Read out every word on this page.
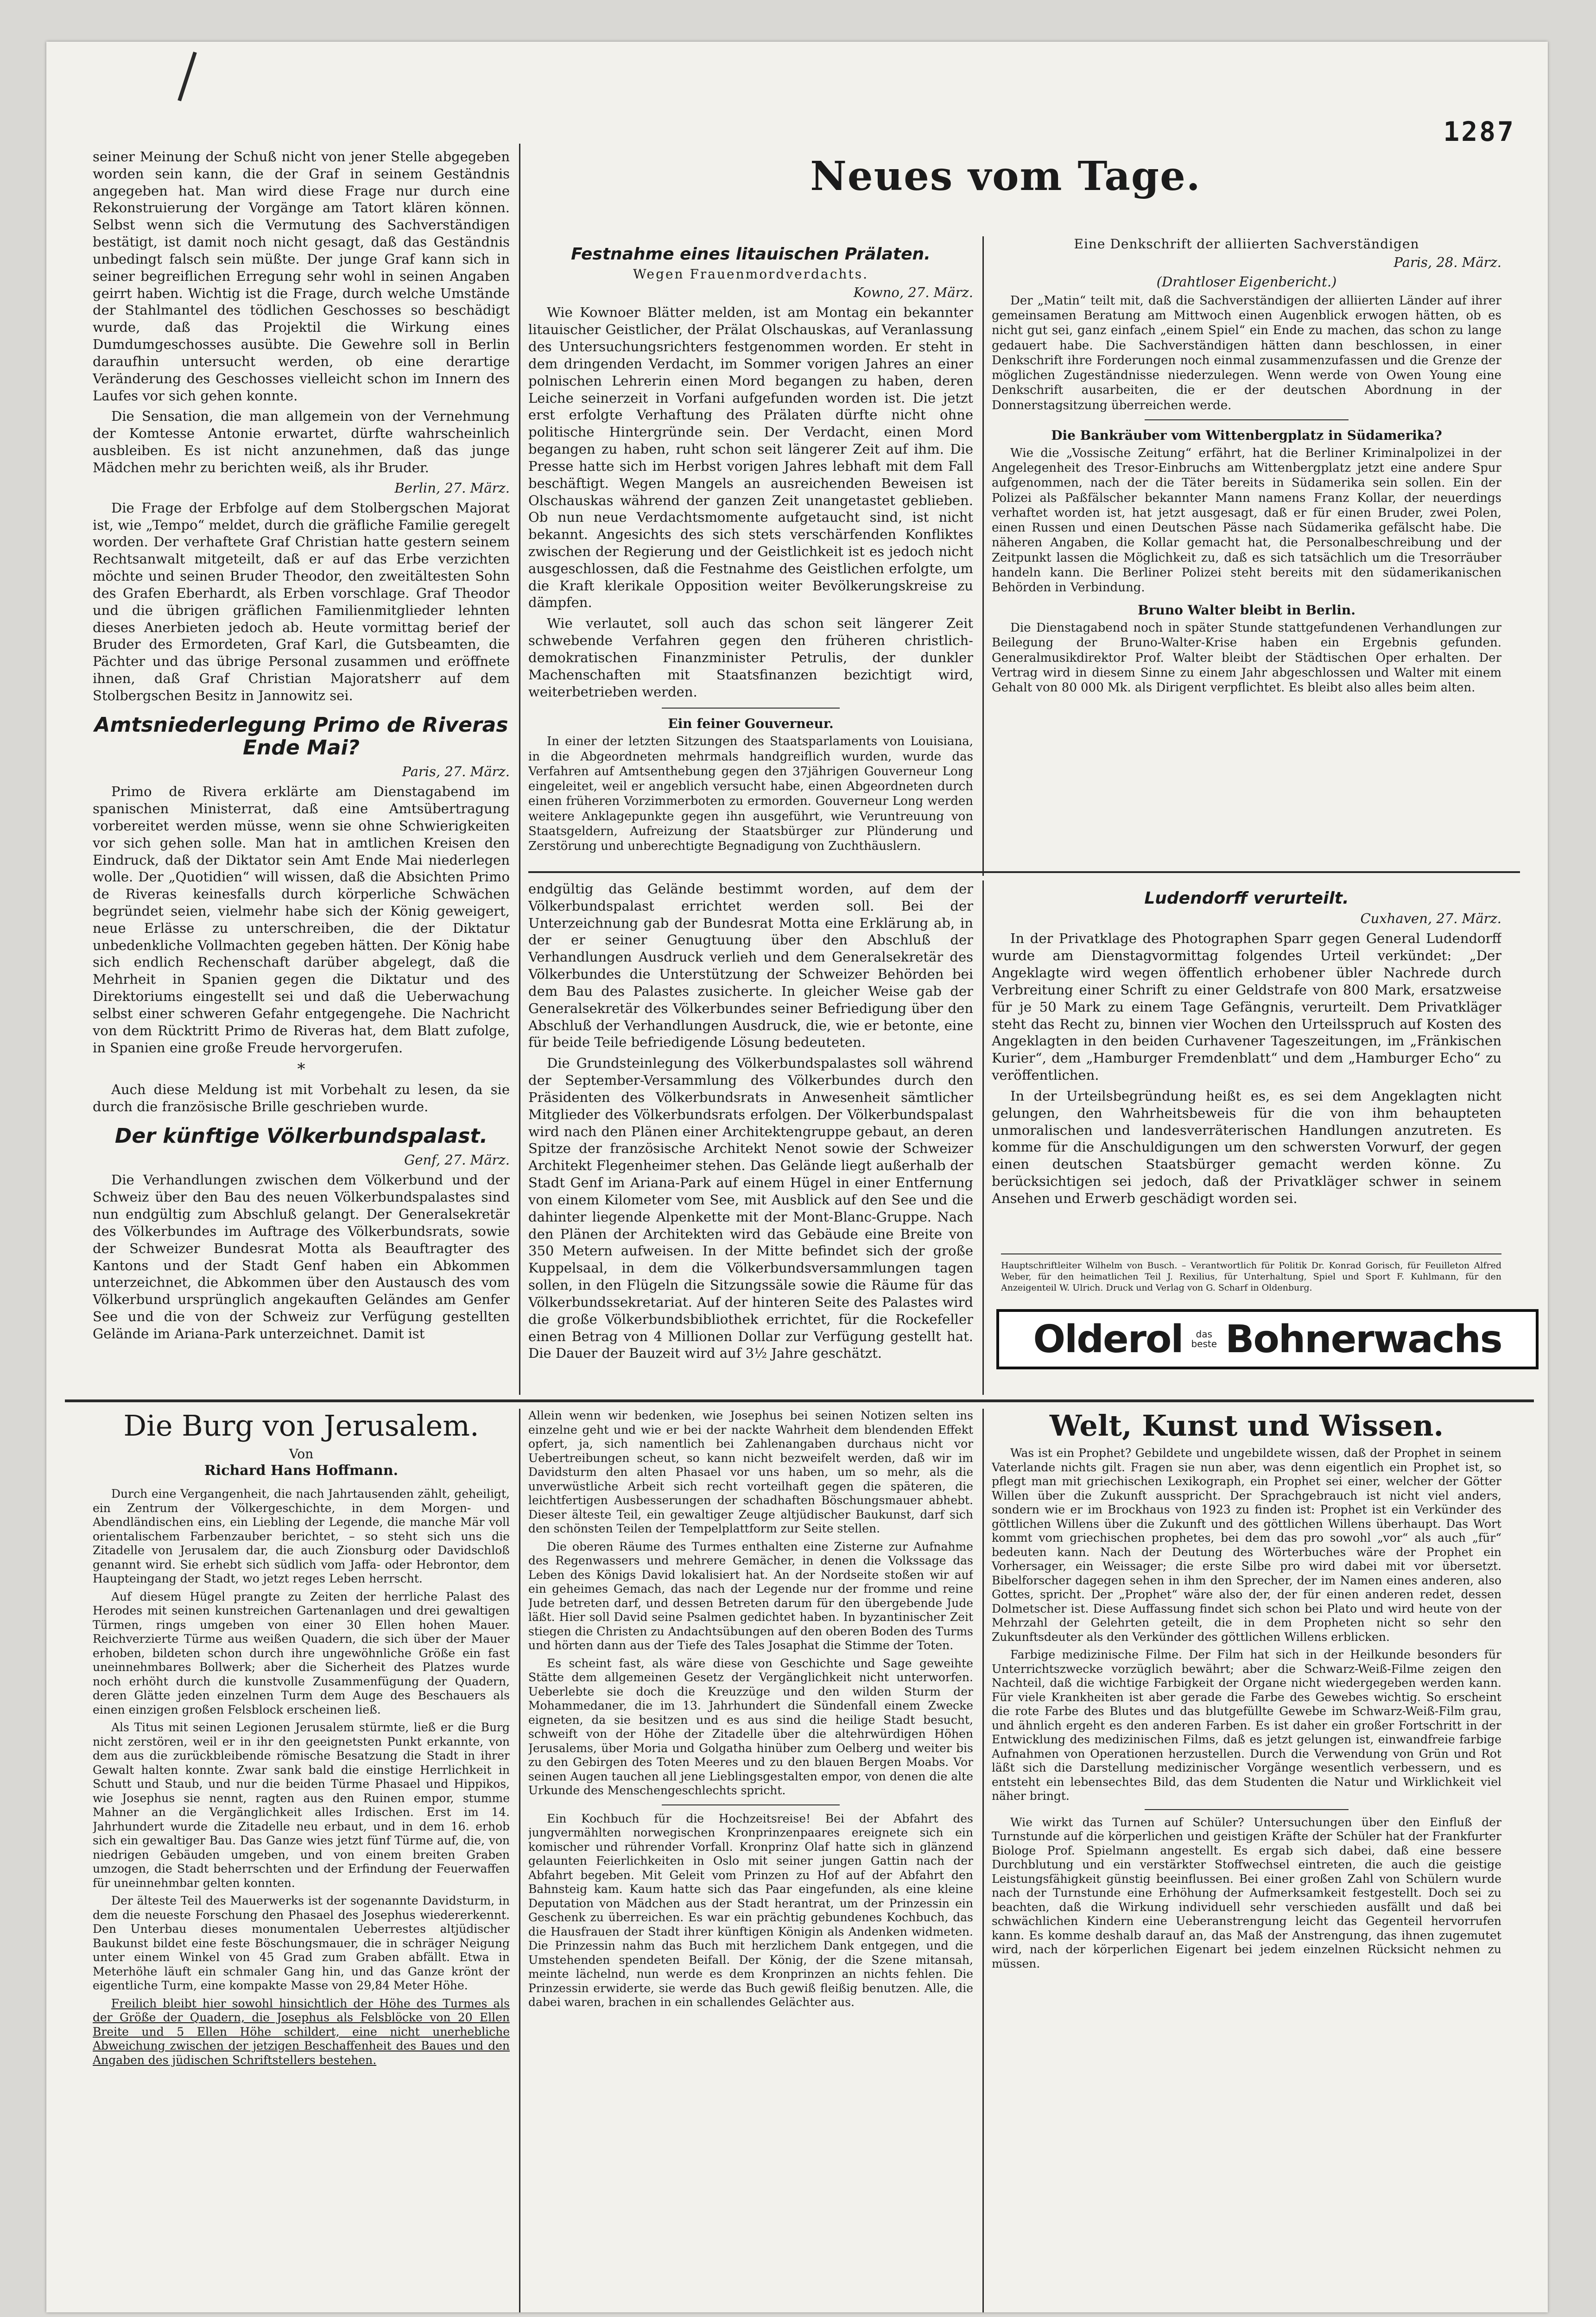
1287

seiner Meinung der Schuß nicht von jener Stelle abgegeben worden sein kann, die der Graf in seinem Geständnis angegeben hat. Man wird diese Frage nur durch eine Rekonstruierung der Vorgänge am Tatort klären können. Selbst wenn sich die Vermutung des Sachverständigen bestätigt, ist damit noch nicht gesagt, daß das Geständnis unbedingt falsch sein müßte. Der junge Graf kann sich in seiner begreiflichen Erregung sehr wohl in seinen Angaben geirrt haben. Wichtig ist die Frage, durch welche Umstände der Stahlmantel des tödlichen Geschosses so beschädigt wurde, daß das Projektil die Wirkung eines Dumdumgeschosses ausübte. Die Gewehre soll in Berlin daraufhin untersucht werden, ob eine derartige Veränderung des Geschosses vielleicht schon im Innern des Laufes vor sich gehen konnte.

Die Sensation, die man allgemein von der Vernehmung der Komtesse Antonie erwartet, dürfte wahrscheinlich ausbleiben. Es ist nicht anzunehmen, daß das junge Mädchen mehr zu berichten weiß, als ihr Bruder.

Berlin, 27. März.

Die Frage der Erbfolge auf dem Stolbergschen Majorat ist, wie „Tempo“ meldet, durch die gräfliche Familie geregelt worden. Der verhaftete Graf Christian hatte gestern seinem Rechtsanwalt mitgeteilt, daß er auf das Erbe verzichten möchte und seinen Bruder Theodor, den zweitältesten Sohn des Grafen Eberhardt, als Erben vorschlage. Graf Theodor und die übrigen gräflichen Familienmitglieder lehnten dieses Anerbieten jedoch ab. Heute vormittag berief der Bruder des Ermordeten, Graf Karl, die Gutsbeamten, die Pächter und das übrige Personal zusammen und eröffnete ihnen, daß Graf Christian Majoratsherr auf dem Stolbergschen Besitz in Jannowitz sei.

Amtsniederlegung Primo de Riveras Ende Mai?
Paris, 27. März.

Primo de Rivera erklärte am Dienstagabend im spanischen Ministerrat, daß eine Amtsübertragung vorbereitet werden müsse, wenn sie ohne Schwierigkeiten vor sich gehen solle. Man hat in amtlichen Kreisen den Eindruck, daß der Diktator sein Amt Ende Mai niederlegen wolle. Der „Quotidien“ will wissen, daß die Absichten Primo de Riveras keinesfalls durch körperliche Schwächen begründet seien, vielmehr habe sich der König geweigert, neue Erlässe zu unterschreiben, die der Diktatur unbedenkliche Vollmachten gegeben hätten. Der König habe sich endlich Rechenschaft darüber abgelegt, daß die Mehrheit in Spanien gegen die Diktatur und des Direktoriums eingestellt sei und daß die Ueberwachung selbst einer schweren Gefahr entgegengehe. Die Nachricht von dem Rücktritt Primo de Riveras hat, dem Blatt zufolge, in Spanien eine große Freude hervorgerufen.

*

Auch diese Meldung ist mit Vorbehalt zu lesen, da sie durch die französische Brille geschrieben wurde.

Der künftige Völkerbundspalast.
Genf, 27. März.

Die Verhandlungen zwischen dem Völkerbund und der Schweiz über den Bau des neuen Völkerbundspalastes sind nun endgültig zum Abschluß gelangt. Der Generalsekretär des Völkerbundes im Auftrage des Völkerbundsrats, sowie der Schweizer Bundesrat Motta als Beauftragter des Kantons und der Stadt Genf haben ein Abkommen unterzeichnet, die Abkommen über den Austausch des vom Völkerbund ursprünglich angekauften Geländes am Genfer See und die von der Schweiz zur Verfügung gestellten Gelände im Ariana-Park unterzeichnet. Damit ist

Festnahme eines litauischen Prälaten.
Wegen Frauenmordverdachts.
Kowno, 27. März.

Wie Kownoer Blätter melden, ist am Montag ein bekannter litauischer Geistlicher, der Prälat Olschauskas, auf Veranlassung des Untersuchungsrichters festgenommen worden. Er steht in dem dringenden Verdacht, im Sommer vorigen Jahres an einer polnischen Lehrerin einen Mord begangen zu haben, deren Leiche seinerzeit in Vorfani aufgefunden worden ist. Die jetzt erst erfolgte Verhaftung des Prälaten dürfte nicht ohne politische Hintergründe sein. Der Verdacht, einen Mord begangen zu haben, ruht schon seit längerer Zeit auf ihm. Die Presse hatte sich im Herbst vorigen Jahres lebhaft mit dem Fall beschäftigt. Wegen Mangels an ausreichenden Beweisen ist Olschauskas während der ganzen Zeit unangetastet geblieben. Ob nun neue Verdachtsmomente aufgetaucht sind, ist nicht bekannt. Angesichts des sich stets verschärfenden Konfliktes zwischen der Regierung und der Geistlichkeit ist es jedoch nicht ausgeschlossen, daß die Festnahme des Geistlichen erfolgte, um die Kraft klerikale Opposition weiter Bevölkerungskreise zu dämpfen.

Wie verlautet, soll auch das schon seit längerer Zeit schwebende Verfahren gegen den früheren christlich-demokratischen Finanzminister Petrulis, der dunkler Machenschaften mit Staatsfinanzen bezichtigt wird, weiterbetrieben werden.

Ein feiner Gouverneur.

In einer der letzten Sitzungen des Staatsparlaments von Louisiana, in die Abgeordneten mehrmals handgreiflich wurden, wurde das Verfahren auf Amtsenthebung gegen den 37jährigen Gouverneur Long eingeleitet, weil er angeblich versucht habe, einen Abgeordneten durch einen früheren Vorzimmerboten zu ermorden. Gouverneur Long werden weitere Anklagepunkte gegen ihn ausgeführt, wie Veruntreuung von Staatsgeldern, Aufreizung der Staatsbürger zur Plünderung und Zerstörung und unberechtigte Begnadigung von Zuchthäuslern.

Neues vom Tage.
Eine Denkschrift der alliierten Sachverständigen
Paris, 28. März.
(Drahtloser Eigenbericht.)

Der „Matin“ teilt mit, daß die Sachverständigen der alliierten Länder auf ihrer gemeinsamen Beratung am Mittwoch einen Augenblick erwogen hätten, ob es nicht gut sei, ganz einfach „einem Spiel“ ein Ende zu machen, das schon zu lange gedauert habe. Die Sachverständigen hätten dann beschlossen, in einer Denkschrift ihre Forderungen noch einmal zusammenzufassen und die Grenze der möglichen Zugeständnisse niederzulegen. Wenn werde von Owen Young eine Denkschrift ausarbeiten, die er der deutschen Abordnung in der Donnerstagsitzung überreichen werde.

Die Bankräuber vom Wittenbergplatz in Südamerika?

Wie die „Vossische Zeitung“ erfährt, hat die Berliner Kriminalpolizei in der Angelegenheit des Tresor-Einbruchs am Wittenbergplatz jetzt eine andere Spur aufgenommen, nach der die Täter bereits in Südamerika sein sollen. Ein der Polizei als Paßfälscher bekannter Mann namens Franz Kollar, der neuerdings verhaftet worden ist, hat jetzt ausgesagt, daß er für einen Bruder, zwei Polen, einen Russen und einen Deutschen Pässe nach Südamerika gefälscht habe. Die näheren Angaben, die Kollar gemacht hat, die Personalbeschreibung und der Zeitpunkt lassen die Möglichkeit zu, daß es sich tatsächlich um die Tresorräuber handeln kann. Die Berliner Polizei steht bereits mit den südamerikanischen Behörden in Verbindung.

Bruno Walter bleibt in Berlin.

Die Dienstagabend noch in später Stunde stattgefundenen Verhandlungen zur Beilegung der Bruno-Walter-Krise haben ein Ergebnis gefunden. Generalmusikdirektor Prof. Walter bleibt der Städtischen Oper erhalten. Der Vertrag wird in diesem Sinne zu einem Jahr abgeschlossen und Walter mit einem Gehalt von 80 000 Mk. als Dirigent verpflichtet. Es bleibt also alles beim alten.

endgültig das Gelände bestimmt worden, auf dem der Völkerbundspalast errichtet werden soll. Bei der Unterzeichnung gab der Bundesrat Motta eine Erklärung ab, in der er seiner Genugtuung über den Abschluß der Verhandlungen Ausdruck verlieh und dem Generalsekretär des Völkerbundes die Unterstützung der Schweizer Behörden bei dem Bau des Palastes zusicherte. In gleicher Weise gab der Generalsekretär des Völkerbundes seiner Befriedigung über den Abschluß der Verhandlungen Ausdruck, die, wie er betonte, eine für beide Teile befriedigende Lösung bedeuteten.

Die Grundsteinlegung des Völkerbundspalastes soll während der September-Versammlung des Völkerbundes durch den Präsidenten des Völkerbundsrats in Anwesenheit sämtlicher Mitglieder des Völkerbundsrats erfolgen. Der Völkerbundspalast wird nach den Plänen einer Architektengruppe gebaut, an deren Spitze der französische Architekt Nenot sowie der Schweizer Architekt Flegenheimer stehen. Das Gelände liegt außerhalb der Stadt Genf im Ariana-Park auf einem Hügel in einer Entfernung von einem Kilometer vom See, mit Ausblick auf den See und die dahinter liegende Alpenkette mit der Mont-Blanc-Gruppe. Nach den Plänen der Architekten wird das Gebäude eine Breite von 350 Metern aufweisen. In der Mitte befindet sich der große Kuppelsaal, in dem die Völkerbundsversammlungen tagen sollen, in den Flügeln die Sitzungssäle sowie die Räume für das Völkerbundssekretariat. Auf der hinteren Seite des Palastes wird die große Völkerbundsbibliothek errichtet, für die Rockefeller einen Betrag von 4 Millionen Dollar zur Verfügung gestellt hat. Die Dauer der Bauzeit wird auf 3½ Jahre geschätzt.

Ludendorff verurteilt.
Cuxhaven, 27. März.

In der Privatklage des Photographen Sparr gegen General Ludendorff wurde am Dienstagvormittag folgendes Urteil verkündet: „Der Angeklagte wird wegen öffentlich erhobener übler Nachrede durch Verbreitung einer Schrift zu einer Geldstrafe von 800 Mark, ersatzweise für je 50 Mark zu einem Tage Gefängnis, verurteilt. Dem Privatkläger steht das Recht zu, binnen vier Wochen den Urteilsspruch auf Kosten des Angeklagten in den beiden Curhavener Tageszeitungen, im „Fränkischen Kurier“, dem „Hamburger Fremdenblatt“ und dem „Hamburger Echo“ zu veröffentlichen.

In der Urteilsbegründung heißt es, es sei dem Angeklagten nicht gelungen, den Wahrheitsbeweis für die von ihm behaupteten unmoralischen und landesverräterischen Handlungen anzutreten. Es komme für die Anschuldigungen um den schwersten Vorwurf, der gegen einen deutschen Staatsbürger gemacht werden könne. Zu berücksichtigen sei jedoch, daß der Privatkläger schwer in seinem Ansehen und Erwerb geschädigt worden sei.

Hauptschriftleiter Wilhelm von Busch. – Verantwortlich für Politik Dr. Konrad Gorisch, für Feuilleton Alfred Weber, für den heimatlichen Teil J. Rexilius, für Unterhaltung, Spiel und Sport F. Kuhlmann, für den Anzeigenteil W. Ulrich. Druck und Verlag von G. Scharf in Oldenburg.
Olderol	das
beste Bohnerwachs
Die Burg von Jerusalem.
Von
Richard Hans Hoffmann.

Durch eine Vergangenheit, die nach Jahrtausenden zählt, geheiligt, ein Zentrum der Völkergeschichte, in dem Morgen- und Abendländischen eins, ein Liebling der Legende, die manche Mär voll orientalischem Farbenzauber berichtet, – so steht sich uns die Zitadelle von Jerusalem dar, die auch Zionsburg oder Davidschloß genannt wird. Sie erhebt sich südlich vom Jaffa- oder Hebrontor, dem Haupteingang der Stadt, wo jetzt reges Leben herrscht.

Auf diesem Hügel prangte zu Zeiten der herrliche Palast des Herodes mit seinen kunstreichen Gartenanlagen und drei gewaltigen Türmen, rings umgeben von einer 30 Ellen hohen Mauer. Reichverzierte Türme aus weißen Quadern, die sich über der Mauer erhoben, bildeten schon durch ihre ungewöhnliche Größe ein fast uneinnehmbares Bollwerk; aber die Sicherheit des Platzes wurde noch erhöht durch die kunstvolle Zusammenfügung der Quadern, deren Glätte jeden einzelnen Turm dem Auge des Beschauers als einen einzigen großen Felsblock erscheinen ließ.

Als Titus mit seinen Legionen Jerusalem stürmte, ließ er die Burg nicht zerstören, weil er in ihr den geeignetsten Punkt erkannte, von dem aus die zurückbleibende römische Besatzung die Stadt in ihrer Gewalt halten konnte. Zwar sank bald die einstige Herrlichkeit in Schutt und Staub, und nur die beiden Türme Phasael und Hippikos, wie Josephus sie nennt, ragten aus den Ruinen empor, stumme Mahner an die Vergänglichkeit alles Irdischen. Erst im 14. Jahrhundert wurde die Zitadelle neu erbaut, und in dem 16. erhob sich ein gewaltiger Bau. Das Ganze wies jetzt fünf Türme auf, die, von niedrigen Gebäuden umgeben, und von einem breiten Graben umzogen, die Stadt beherrschten und der Erfindung der Feuerwaffen für uneinnehmbar gelten konnten.

Der älteste Teil des Mauerwerks ist der sogenannte Davidsturm, in dem die neueste Forschung den Phasael des Josephus wiedererkennt. Den Unterbau dieses monumentalen Ueberrestes altjüdischer Baukunst bildet eine feste Böschungsmauer, die in schräger Neigung unter einem Winkel von 45 Grad zum Graben abfällt. Etwa in Meterhöhe läuft ein schmaler Gang hin, und das Ganze krönt der eigentliche Turm, eine kompakte Masse von 29,84 Meter Höhe.

Freilich bleibt hier sowohl hinsichtlich der Höhe des Turmes als der Größe der Quadern, die Josephus als Felsblöcke von 20 Ellen Breite und 5 Ellen Höhe schildert, eine nicht unerhebliche Abweichung zwischen der jetzigen Beschaffenheit des Baues und den Angaben des jüdischen Schriftstellers bestehen.

Allein wenn wir bedenken, wie Josephus bei seinen Notizen selten ins einzelne geht und wie er bei der nackte Wahrheit dem blendenden Effekt opfert, ja, sich namentlich bei Zahlenangaben durchaus nicht vor Uebertreibungen scheut, so kann nicht bezweifelt werden, daß wir im Davidsturm den alten Phasael vor uns haben, um so mehr, als die unverwüstliche Arbeit sich recht vorteilhaft gegen die späteren, die leichtfertigen Ausbesserungen der schadhaften Böschungsmauer abhebt. Dieser älteste Teil, ein gewaltiger Zeuge altjüdischer Baukunst, darf sich den schönsten Teilen der Tempelplattform zur Seite stellen.

Die oberen Räume des Turmes enthalten eine Zisterne zur Aufnahme des Regenwassers und mehrere Gemächer, in denen die Volkssage das Leben des Königs David lokalisiert hat. An der Nordseite stoßen wir auf ein geheimes Gemach, das nach der Legende nur der fromme und reine Jude betreten darf, und dessen Betreten darum für den übergebende Jude läßt. Hier soll David seine Psalmen gedichtet haben. In byzantinischer Zeit stiegen die Christen zu Andachtsübungen auf den oberen Boden des Turms und hörten dann aus der Tiefe des Tales Josaphat die Stimme der Toten.

Es scheint fast, als wäre diese von Geschichte und Sage geweihte Stätte dem allgemeinen Gesetz der Vergänglichkeit nicht unterworfen. Ueberlebte sie doch die Kreuzzüge und den wilden Sturm der Mohammedaner, die im 13. Jahrhundert die Sündenfall einem Zwecke eigneten, da sie besitzen und es aus sind die heilige Stadt besucht, schweift von der Höhe der Zitadelle über die altehrwürdigen Höhen Jerusalems, über Moria und Golgatha hinüber zum Oelberg und weiter bis zu den Gebirgen des Toten Meeres und zu den blauen Bergen Moabs. Vor seinen Augen tauchen all jene Lieblingsgestalten empor, von denen die alte Urkunde des Menschengeschlechts spricht.

Ein Kochbuch für die Hochzeitsreise! Bei der Abfahrt des jungvermählten norwegischen Kronprinzenpaares ereignete sich ein komischer und rührender Vorfall. Kronprinz Olaf hatte sich in glänzend gelaunten Feierlichkeiten in Oslo mit seiner jungen Gattin nach der Abfahrt begeben. Mit Geleit vom Prinzen zu Hof auf der Abfahrt den Bahnsteig kam. Kaum hatte sich das Paar eingefunden, als eine kleine Deputation von Mädchen aus der Stadt herantrat, um der Prinzessin ein Geschenk zu überreichen. Es war ein prächtig gebundenes Kochbuch, das die Hausfrauen der Stadt ihrer künftigen Königin als Andenken widmeten. Die Prinzessin nahm das Buch mit herzlichem Dank entgegen, und die Umstehenden spendeten Beifall. Der König, der die Szene mitansah, meinte lächelnd, nun werde es dem Kronprinzen an nichts fehlen. Die Prinzessin erwiderte, sie werde das Buch gewiß fleißig benutzen. Alle, die dabei waren, brachen in ein schallendes Gelächter aus.

Welt, Kunst und Wissen.

Was ist ein Prophet? Gebildete und ungebildete wissen, daß der Prophet in seinem Vaterlande nichts gilt. Fragen sie nun aber, was denn eigentlich ein Prophet ist, so pflegt man mit griechischen Lexikograph, ein Prophet sei einer, welcher der Götter Willen über die Zukunft ausspricht. Der Sprachgebrauch ist nicht viel anders, sondern wie er im Brockhaus von 1923 zu finden ist: Prophet ist ein Verkünder des göttlichen Willens über die Zukunft und des göttlichen Willens überhaupt. Das Wort kommt vom griechischen prophetes, bei dem das pro sowohl „vor“ als auch „für“ bedeuten kann. Nach der Deutung des Wörterbuches wäre der Prophet ein Vorhersager, ein Weissager; die erste Silbe pro wird dabei mit vor übersetzt. Bibelforscher dagegen sehen in ihm den Sprecher, der im Namen eines anderen, also Gottes, spricht. Der „Prophet“ wäre also der, der für einen anderen redet, dessen Dolmetscher ist. Diese Auffassung findet sich schon bei Plato und wird heute von der Mehrzahl der Gelehrten geteilt, die in dem Propheten nicht so sehr den Zukunftsdeuter als den Verkünder des göttlichen Willens erblicken.

Farbige medizinische Filme. Der Film hat sich in der Heilkunde besonders für Unterrichtszwecke vorzüglich bewährt; aber die Schwarz-Weiß-Filme zeigen den Nachteil, daß die wichtige Farbigkeit der Organe nicht wiedergegeben werden kann. Für viele Krankheiten ist aber gerade die Farbe des Gewebes wichtig. So erscheint die rote Farbe des Blutes und das blutgefüllte Gewebe im Schwarz-Weiß-Film grau, und ähnlich ergeht es den anderen Farben. Es ist daher ein großer Fortschritt in der Entwicklung des medizinischen Films, daß es jetzt gelungen ist, einwandfreie farbige Aufnahmen von Operationen herzustellen. Durch die Verwendung von Grün und Rot läßt sich die Darstellung medizinischer Vorgänge wesentlich verbessern, und es entsteht ein lebensechtes Bild, das dem Studenten die Natur und Wirklichkeit viel näher bringt.

Wie wirkt das Turnen auf Schüler? Untersuchungen über den Einfluß der Turnstunde auf die körperlichen und geistigen Kräfte der Schüler hat der Frankfurter Biologe Prof. Spielmann angestellt. Es ergab sich dabei, daß eine bessere Durchblutung und ein verstärkter Stoffwechsel eintreten, die auch die geistige Leistungsfähigkeit günstig beeinflussen. Bei einer großen Zahl von Schülern wurde nach der Turnstunde eine Erhöhung der Aufmerksamkeit festgestellt. Doch sei zu beachten, daß die Wirkung individuell sehr verschieden ausfällt und daß bei schwächlichen Kindern eine Ueberanstrengung leicht das Gegenteil hervorrufen kann. Es komme deshalb darauf an, das Maß der Anstrengung, das ihnen zugemutet wird, nach der körperlichen Eigenart bei jedem einzelnen Rücksicht nehmen zu müssen.
